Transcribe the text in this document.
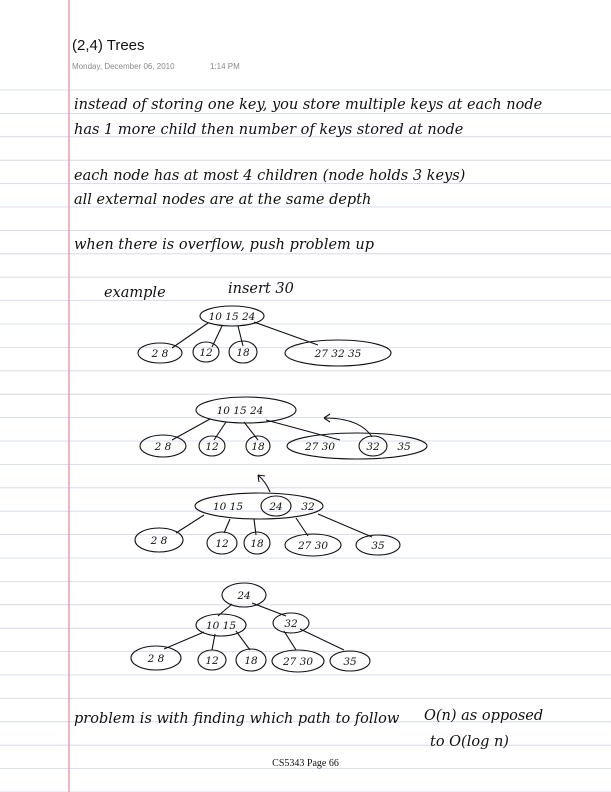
instead of storing one key, you store multiple keys at each node
has 1 more child then number of keys stored at node
each node has at most 4 children (node holds 3 keys)
all external nodes are at the same depth
when there is overflow, push problem up
example	insert 30
10 15 24
2 8	12 18	27 32 35
10 15 24
2 8	12	18	27 30	32 35
10 15	24 32
2 8	12 18	27 30	35
24
10 15	32
2 8	12 18 27 30	35
problem is with finding which path to follow O(n) as opposed
to O(log n)
(2,4) Trees
Monday, December 06, 2010	1:14 PM
CS5343 Page 66
